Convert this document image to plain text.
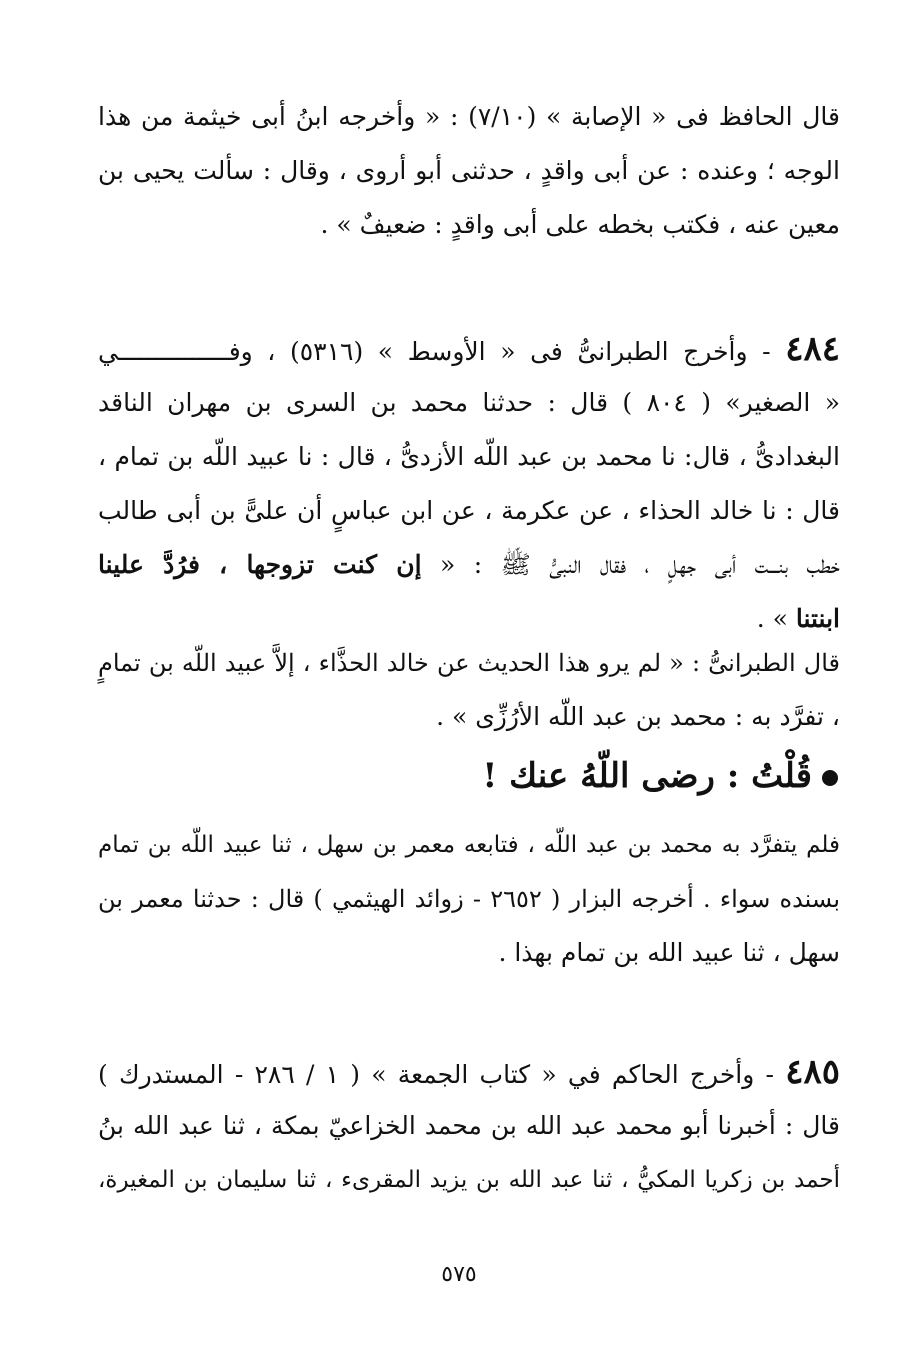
قال الحافظ فى « الإصابة » (٧/١٠) : « وأخرجه ابنُ أبى خيثمة من هذا
الوجه ؛ وعنده : عن أبى واقدٍ ، حدثنى أبو أروى ، وقال : سألت يحيى بن
معين عنه ، فكتب بخطه على أبى واقدٍ : ضعيفٌ » .
٤٨٤ - وأخرج الطبرانىُّ فى « الأوسط » (٥٣١٦) ، وفـــــــــــــــي
« الصغير» ( ٨٠٤ ) قال : حدثنا محمد بن السرى بن مهران الناقد
البغدادىُّ ، قال: نا محمد بن عبد اللّه الأزدىُّ ، قال : نا عبيد اللّه بن تمام ،
قال : نا خالد الحذاء ، عن عكرمة ، عن ابن عباسٍ أن علىًّ بن أبى طالب
خطب بنـــت أبى جهلٍ ، فقال النبىُّ ﷺ : « إن كنت تزوجها ، فرُدَّ علينا
ابنتنا » .
قال الطبرانىُّ : « لم يرو هذا الحديث عن خالد الحذَّاء ، إلاَّ عبيد اللّه بن تمامٍ
، تفرَّد به : محمد بن عبد اللّه الأرُزِّى » .
قُلْتُ : رضى اللّهُ عنك !
فلم يتفرَّد به محمد بن عبد اللّه ، فتابعه معمر بن سهل ، ثنا عبيد اللّه بن تمام
بسنده سواء . أخرجه البزار ( ٢٦٥٢ - زوائد الهيثمي ) قال : حدثنا معمر بن
سهل ، ثنا عبيد الله بن تمام بهذا .
٤٨٥ - وأخرج الحاكم في « كتاب الجمعة » ( ١ / ٢٨٦ - المستدرك )
قال : أخبرنا أبو محمد عبد الله بن محمد الخزاعيّ بمكة ، ثنا عبد الله بنُ
أحمد بن زكريا المكيُّ ، ثنا عبد الله بن يزيد المقرىء ، ثنا سليمان بن المغيرة،
٥٧٥
